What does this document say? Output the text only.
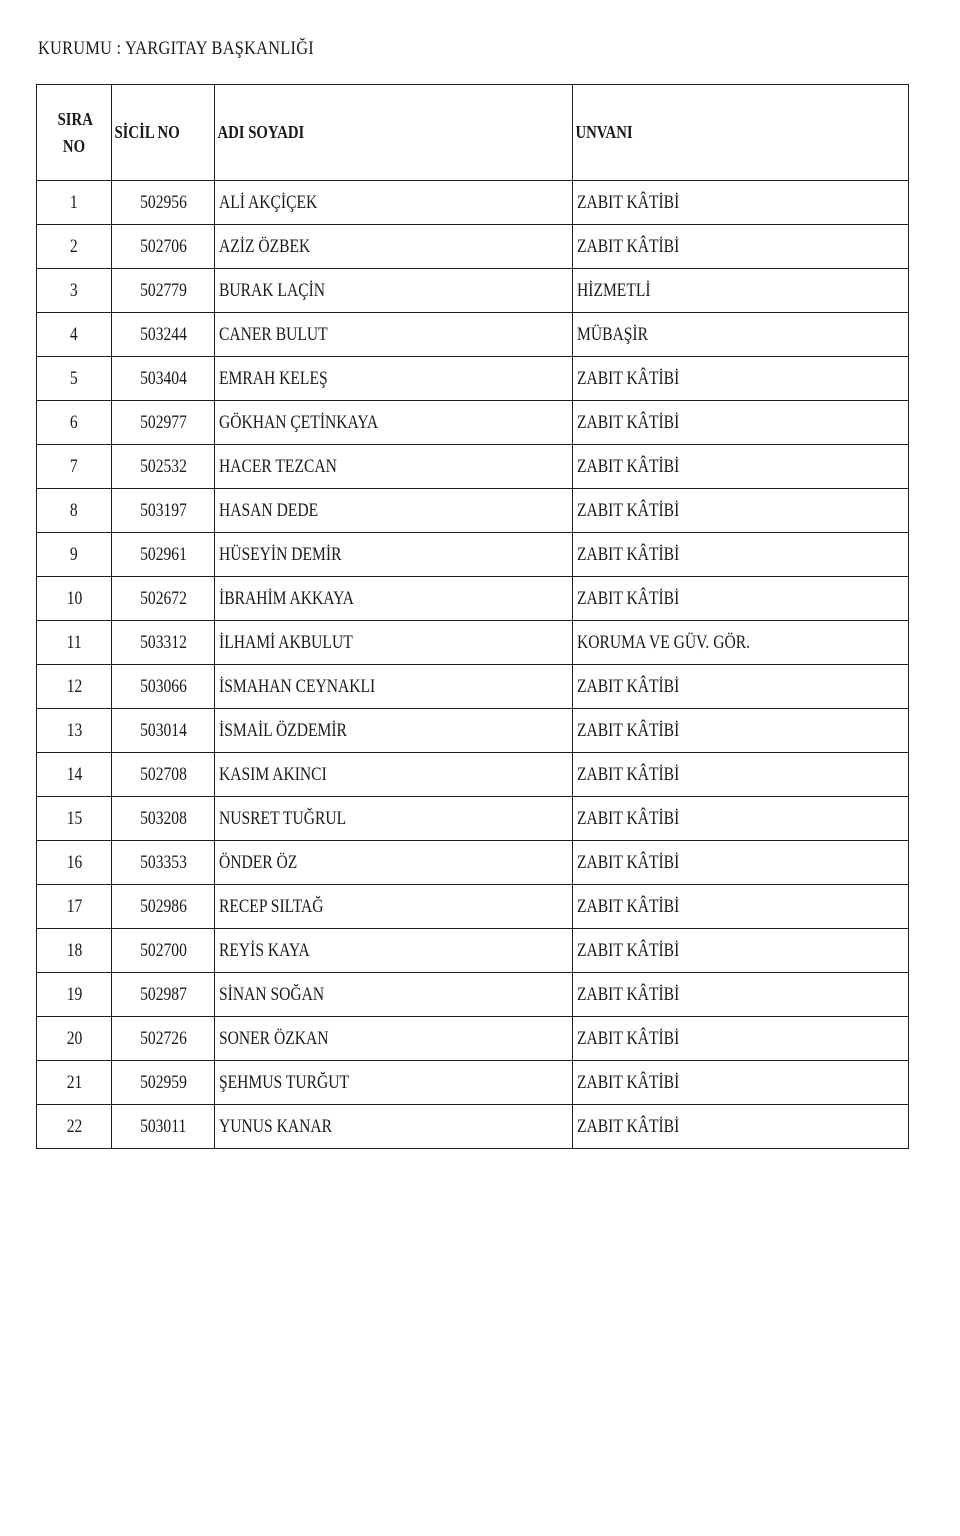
KURUMU : YARGITAY BAŞKANLIĞI
SIRA NO	SİCİL NO	ADI SOYADI	UNVANI
1	502956	ALİ AKÇİÇEK	ZABIT KÂTİBİ
2	502706	AZİZ ÖZBEK	ZABIT KÂTİBİ
3	502779	BURAK LAÇİN	HİZMETLİ
4	503244	CANER BULUT	MÜBAŞİR
5	503404	EMRAH KELEŞ	ZABIT KÂTİBİ
6	502977	GÖKHAN ÇETİNKAYA	ZABIT KÂTİBİ
7	502532	HACER TEZCAN	ZABIT KÂTİBİ
8	503197	HASAN DEDE	ZABIT KÂTİBİ
9	502961	HÜSEYİN DEMİR	ZABIT KÂTİBİ
10	502672	İBRAHİM AKKAYA	ZABIT KÂTİBİ
11	503312	İLHAMİ AKBULUT	KORUMA VE GÜV. GÖR.
12	503066	İSMAHAN CEYNAKLI	ZABIT KÂTİBİ
13	503014	İSMAİL ÖZDEMİR	ZABIT KÂTİBİ
14	502708	KASIM AKINCI	ZABIT KÂTİBİ
15	503208	NUSRET TUĞRUL	ZABIT KÂTİBİ
16	503353	ÖNDER ÖZ	ZABIT KÂTİBİ
17	502986	RECEP SILTAĞ	ZABIT KÂTİBİ
18	502700	REYİS KAYA	ZABIT KÂTİBİ
19	502987	SİNAN SOĞAN	ZABIT KÂTİBİ
20	502726	SONER ÖZKAN	ZABIT KÂTİBİ
21	502959	ŞEHMUS TURĞUT	ZABIT KÂTİBİ
22	503011	YUNUS KANAR	ZABIT KÂTİBİ
